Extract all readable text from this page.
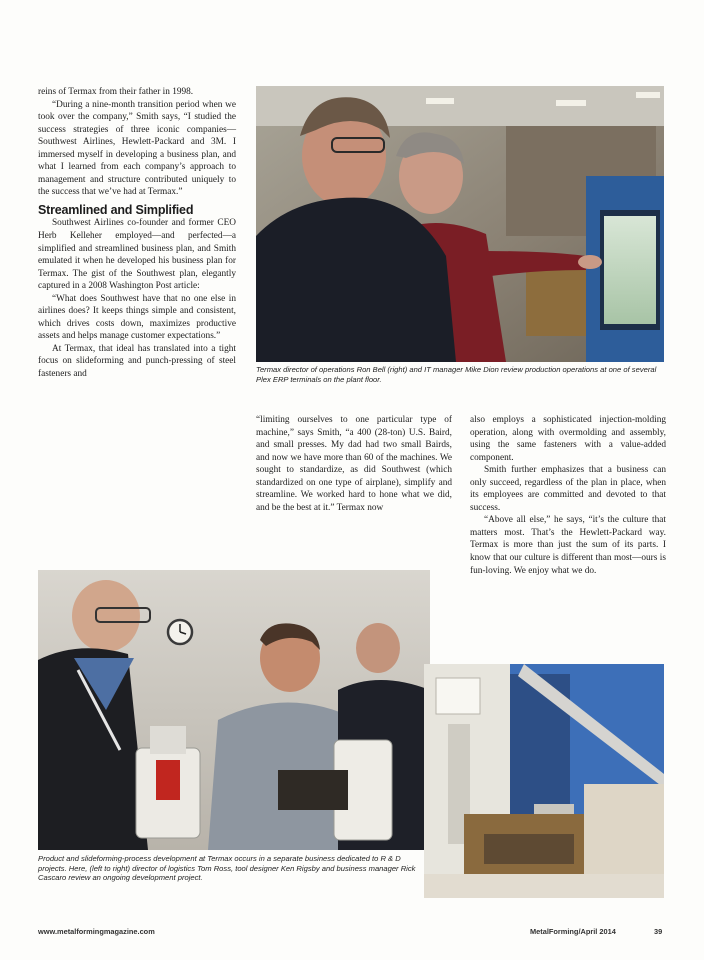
reins of Termax from their father in 1998.

“During a nine-month transition period when we took over the company,” Smith says, “I studied the success strategies of three iconic companies—Southwest Airlines, Hewlett-Packard and 3M. I immersed myself in developing a business plan, and what I learned from each company’s approach to management and structure contributed uniquely to the success that we’ve had at Termax.”

Streamlined and Simplified

Southwest Airlines co-founder and former CEO Herb Kelleher employed—and perfected—a simplified and streamlined business plan, and Smith emulated it when he developed his business plan for Termax. The gist of the Southwest plan, elegantly captured in a 2008 Washington Post article:

“What does Southwest have that no one else in airlines does? It keeps things simple and consistent, which drives costs down, maximizes productive assets and helps manage customer expectations.”

At Termax, that ideal has translated into a tight focus on slideforming and punch-pressing of steel fasteners and	Termax director of operations Ron Bell (right) and IT manager Mike Dion review production operations at one of several Plex ERP terminals on the plant floor.

“limiting ourselves to one particular type of machine,” says Smith, “a 400 (28-ton) U.S. Baird, and small presses. My dad had two small Bairds, and now we have more than 60 of the machines. We sought to standardize, as did Southwest (which standardized on one type of airplane), simplify and streamline. We worked hard to hone what we did, and be the best at it.” Termax now

also employs a sophisticated injection-molding operation, along with overmolding and assembly, using the same fasteners with a value-added component.

Smith further emphasizes that a business can only succeed, regardless of the plan in place, when its employees are committed and devoted to that success.

“Above all else,” he says, “it’s the culture that matters most. That’s the Hewlett-Packard way. Termax is more than just the sum of its parts. I know that our culture is different than most—ours is fun-loving. We enjoy what we do.

Product and slideforming-process development at Termax occurs in a separate business dedicated to R & D projects. Here, (left to right) director of logistics Tom Ross, tool designer Ken Rigsby and business manager Rick Cascaro review an ongoing development project.
www.metalformingmagazine.com	MetalForming/April 2014	39
